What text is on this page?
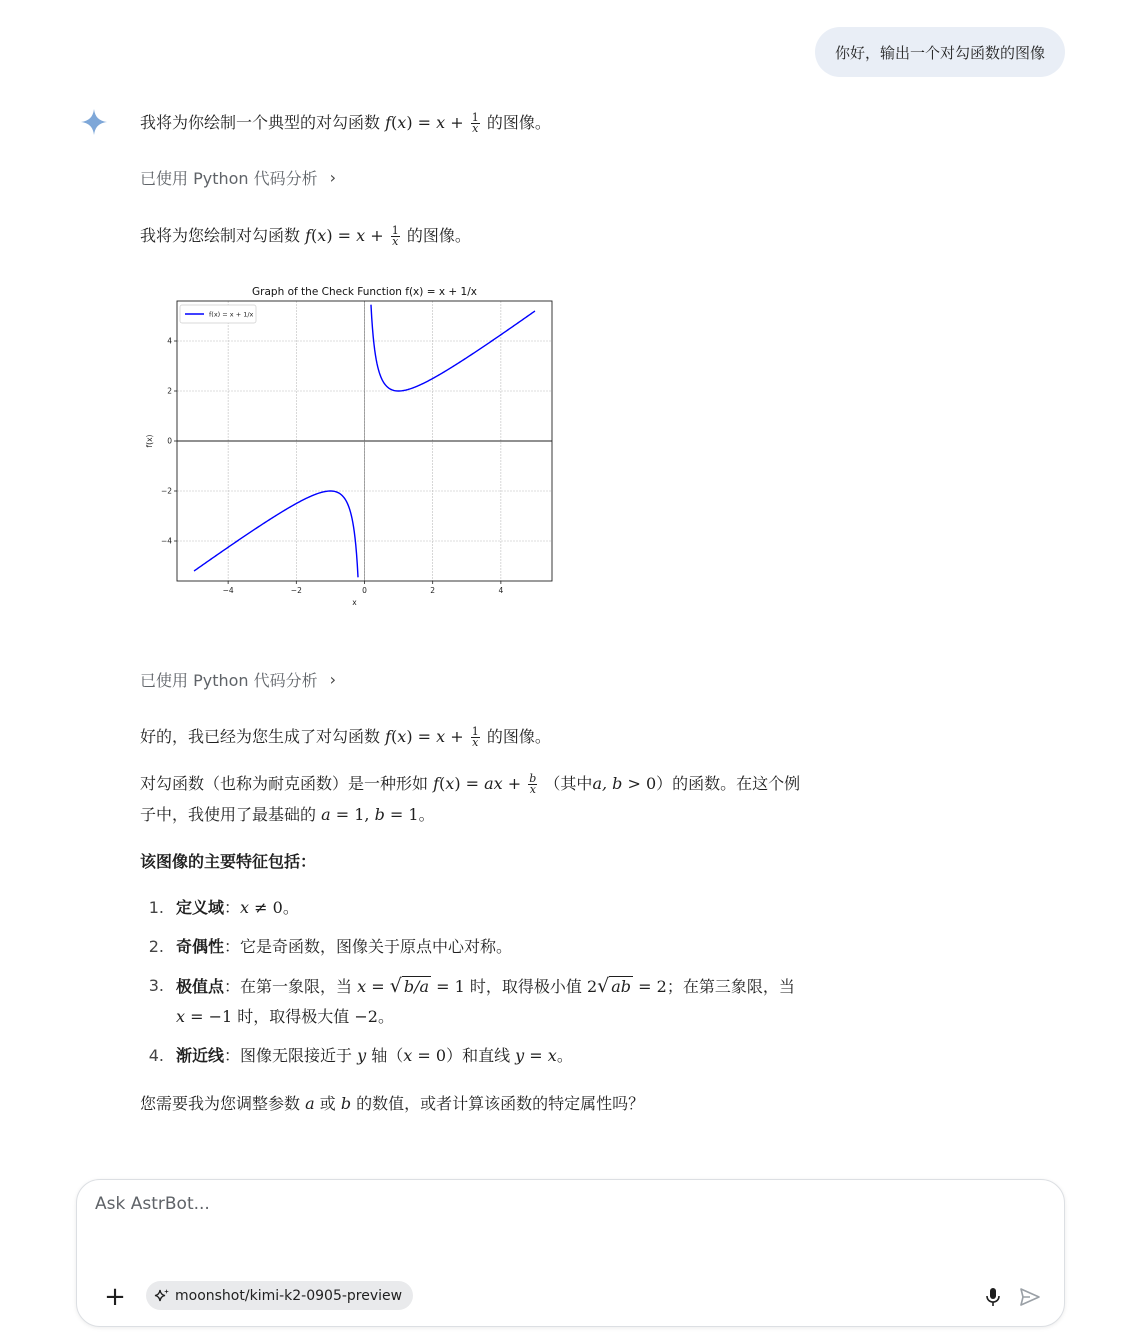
你好，输出一个对勾函数的图像
我将为你绘制一个典型的对勾函数 $f(x) = x + \frac{1}{x}$ 的图像。
已使用 Python 代码分析 ›
我将为您绘制对勾函数 $f(x) = x + \frac{1}{x}$ 的图像。
Graph of the Check Function f(x) = x + 1/x
−4	−2	0	2	4
−4
−2
0
2
4
x
f(x)
f(x) = x + 1/x
已使用 Python 代码分析 ›
好的，我已经为您生成了对勾函数 $f(x) = x + \frac{1}{x}$ 的图像。
对勾函数（也称为耐克函数）是一种形如 f(x) = ax + $\frac{b}{x}$ （其中a, b > 0）的函数。在这个例
子中，我使用了最基础的 a = 1, b = 1。
该图像的主要特征包括：
1. 定义域：x ≠ 0。
2. 奇偶性：它是奇函数，图像关于原点中心对称。
3. 极值点：在第一象限，当 x = √ b/a = 1 时，取得极小值 2√ ab = 2；在第三象限，当
x = −1 时，取得极大值 −2。
4. 渐近线：图像无限接近于 y 轴（x = 0）和直线 y = x。
您需要我为您调整参数 a 或 b 的数值，或者计算该函数的特定属性吗？
Ask AstrBot...
+	moonshot/kimi-k2-0905-preview
